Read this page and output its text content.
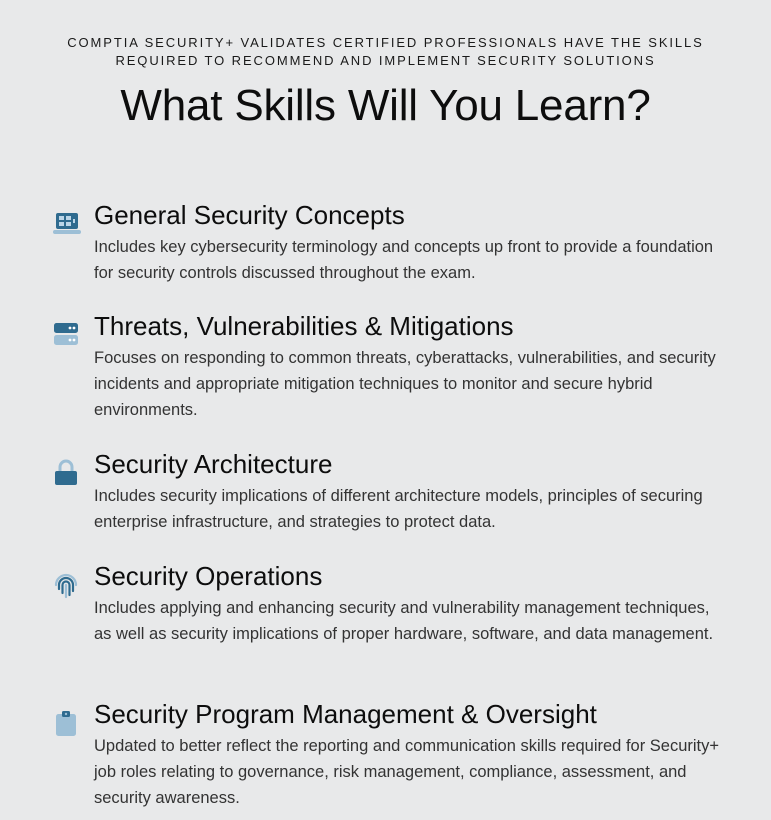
COMPTIA SECURITY+ VALIDATES CERTIFIED PROFESSIONALS HAVE THE SKILLS
REQUIRED TO RECOMMEND AND IMPLEMENT SECURITY SOLUTIONS
What Skills Will You Learn?
General Security Concepts

Includes key cybersecurity terminology and concepts up front to provide a foundation for security controls discussed throughout the exam.

Threats, Vulnerabilities & Mitigations

Focuses on responding to common threats, cyberattacks, vulnerabilities, and security incidents and appropriate mitigation techniques to monitor and secure hybrid environments.

Security Architecture

Includes security implications of different architecture models, principles of securing enterprise infrastructure, and strategies to protect data.

Security Operations

Includes applying and enhancing security and vulnerability management techniques, as well as security implications of proper hardware, software, and data management.

Security Program Management & Oversight

Updated to better reflect the reporting and communication skills required for Security+ job roles relating to governance, risk management, compliance, assessment, and security awareness.
